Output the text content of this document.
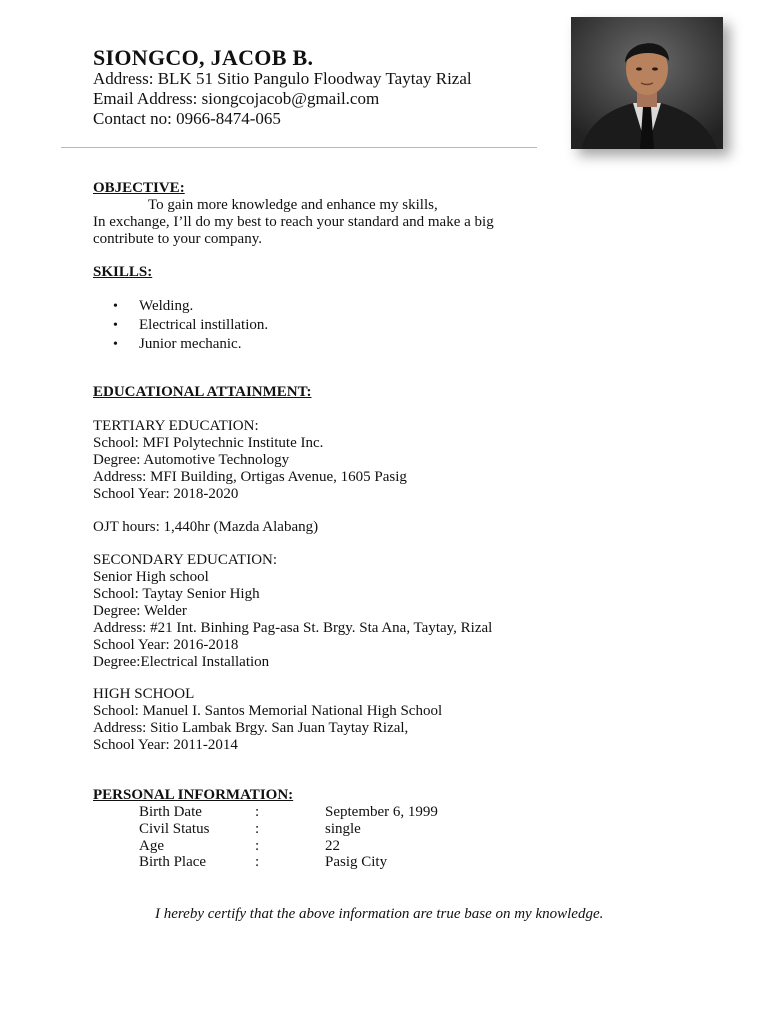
SIONGCO, JACOB B.
Address: BLK 51 Sitio Pangulo Floodway Taytay Rizal
Email Address: siongcojacob@gmail.com
Contact no: 0966-8474-065
OBJECTIVE:
To gain more knowledge and enhance my skills,
In exchange, I’ll do my best to reach your standard and make a big
contribute to your company.
SKILLS:
• Welding.
• Electrical instillation.
• Junior mechanic.
EDUCATIONAL ATTAINMENT:
TERTIARY EDUCATION:
School: MFI Polytechnic Institute Inc.
Degree: Automotive Technology
Address: MFI Building, Ortigas Avenue, 1605 Pasig
School Year: 2018-2020
OJT hours: 1,440hr (Mazda Alabang)
SECONDARY EDUCATION:
Senior High school
School: Taytay Senior High
Degree: Welder
Address: #21 Int. Binhing Pag-asa St. Brgy. Sta Ana, Taytay, Rizal
School Year: 2016-2018
Degree:Electrical Installation
HIGH SCHOOL
School: Manuel I. Santos Memorial National High School
Address: Sitio Lambak Brgy. San Juan Taytay Rizal,
School Year: 2011-2014
PERSONAL INFORMATION:
Birth Date	:	September 6, 1999
Civil Status	:	single
Age	:	22
Birth Place	:	Pasig City
I hereby certify that the above information are true base on my knowledge.
